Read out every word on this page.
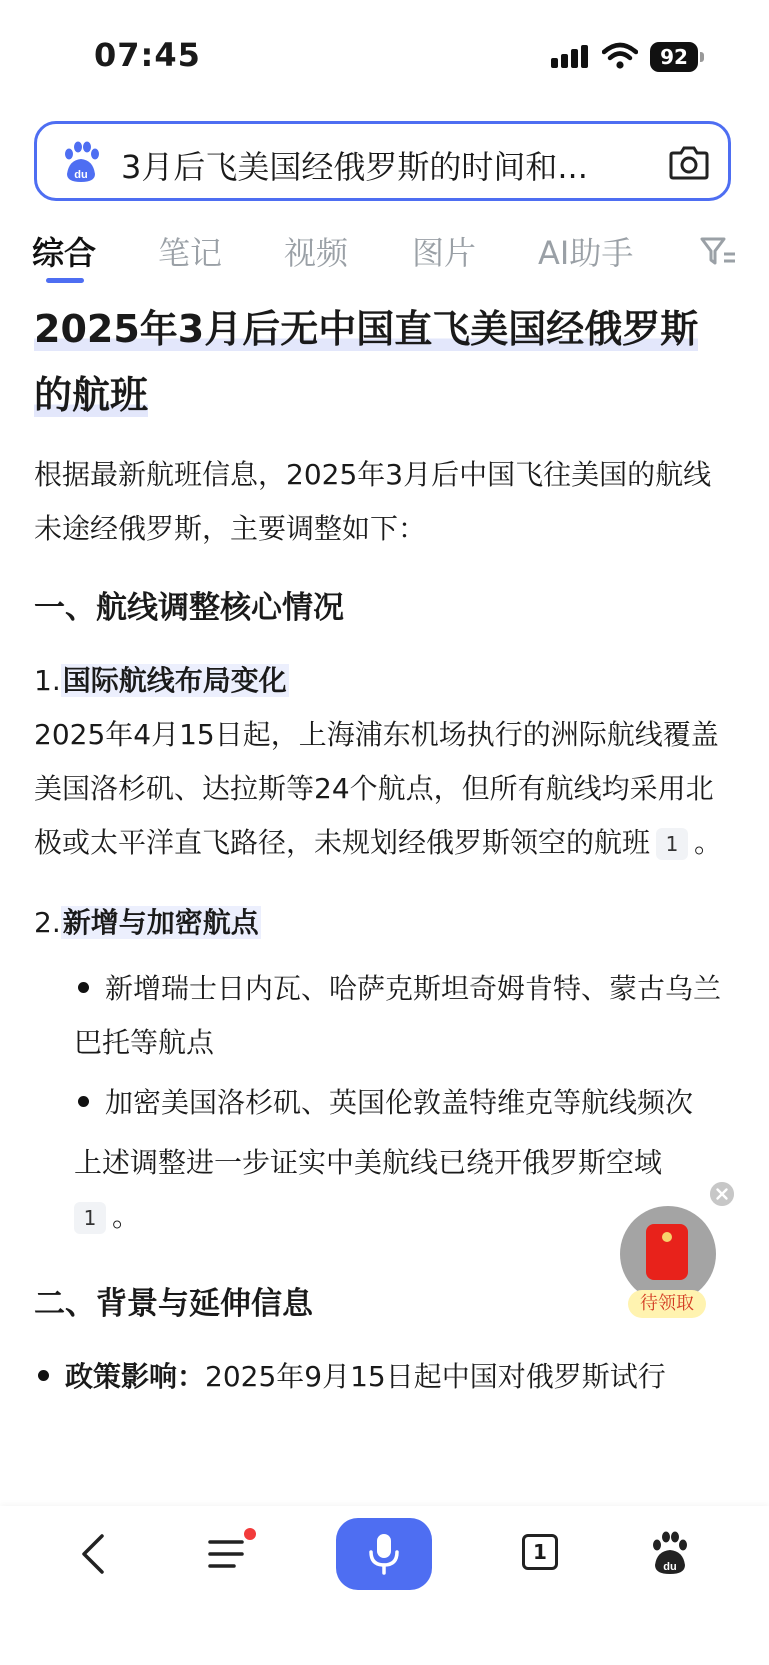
07:45	92
du 3月后飞美国经俄罗斯的时间和...
综合 笔记 视频 图片 AI助手
2025年3月后无中国直飞美国经俄罗斯的航班

根据最新航班信息，2025年3月后中国飞往美国的航线未途经俄罗斯，主要调整如下：

一、航线调整核心情况

1.国际航线布局变化

2025年4月15日起，上海浦东机场执行的洲际航线覆盖美国洛杉矶、达拉斯等24个航点，但所有航线均采用北极或太平洋直飞路径，未规划经俄罗斯领空的航班 1 。

2.新增与加密航点

新增瑞士日内瓦、哈萨克斯坦奇姆肯特、蒙古乌兰巴托等航点
加密美国洛杉矶、英国伦敦盖特维克等航线频次
上述调整进一步证实中美航线已绕开俄罗斯空域
1 。
二、背景与延伸信息
政策影响：2025年9月15日起中国对俄罗斯试行
待领取
1
du
